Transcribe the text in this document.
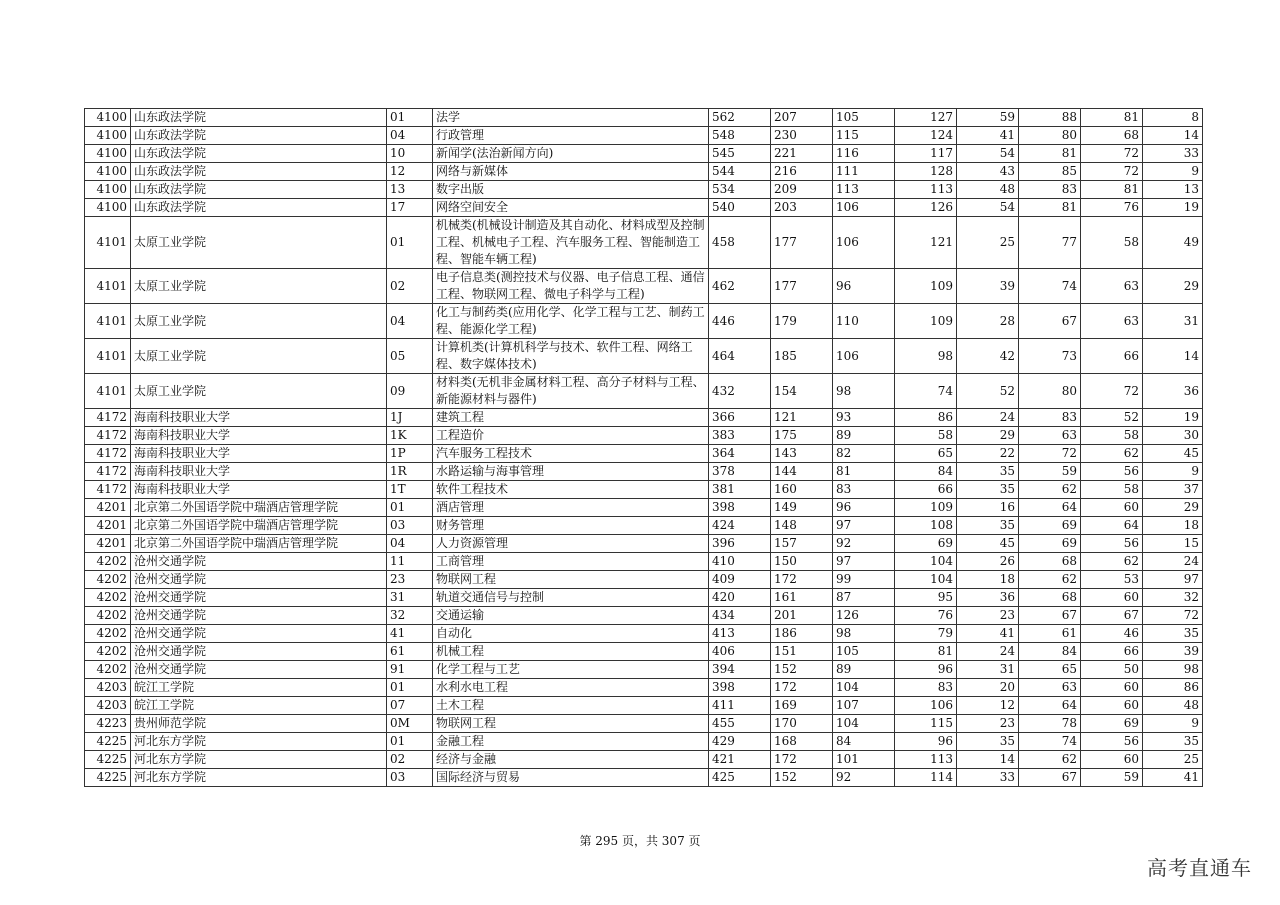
4100	山东政法学院	01	法学	562	207	105	127	59	88	81	8
4100	山东政法学院	04	行政管理	548	230	115	124	41	80	68	14
4100	山东政法学院	10	新闻学(法治新闻方向)	545	221	116	117	54	81	72	33
4100	山东政法学院	12	网络与新媒体	544	216	111	128	43	85	72	9
4100	山东政法学院	13	数字出版	534	209	113	113	48	83	81	13
4100	山东政法学院	17	网络空间安全	540	203	106	126	54	81	76	19
4101	太原工业学院	01	机械类(机械设计制造及其自动化、材料成型及控制工程、机械电子工程、汽车服务工程、智能制造工程、智能车辆工程)	458	177	106	121	25	77	58	49
4101	太原工业学院	02	电子信息类(测控技术与仪器、电子信息工程、通信工程、物联网工程、微电子科学与工程)	462	177	96	109	39	74	63	29
4101	太原工业学院	04	化工与制药类(应用化学、化学工程与工艺、制药工程、能源化学工程)	446	179	110	109	28	67	63	31
4101	太原工业学院	05	计算机类(计算机科学与技术、软件工程、网络工程、数字媒体技术)	464	185	106	98	42	73	66	14
4101	太原工业学院	09	材料类(无机非金属材料工程、高分子材料与工程、新能源材料与器件)	432	154	98	74	52	80	72	36
4172	海南科技职业大学	1J	建筑工程	366	121	93	86	24	83	52	19
4172	海南科技职业大学	1K	工程造价	383	175	89	58	29	63	58	30
4172	海南科技职业大学	1P	汽车服务工程技术	364	143	82	65	22	72	62	45
4172	海南科技职业大学	1R	水路运输与海事管理	378	144	81	84	35	59	56	9
4172	海南科技职业大学	1T	软件工程技术	381	160	83	66	35	62	58	37
4201	北京第二外国语学院中瑞酒店管理学院	01	酒店管理	398	149	96	109	16	64	60	29
4201	北京第二外国语学院中瑞酒店管理学院	03	财务管理	424	148	97	108	35	69	64	18
4201	北京第二外国语学院中瑞酒店管理学院	04	人力资源管理	396	157	92	69	45	69	56	15
4202	沧州交通学院	11	工商管理	410	150	97	104	26	68	62	24
4202	沧州交通学院	23	物联网工程	409	172	99	104	18	62	53	97
4202	沧州交通学院	31	轨道交通信号与控制	420	161	87	95	36	68	60	32
4202	沧州交通学院	32	交通运输	434	201	126	76	23	67	67	72
4202	沧州交通学院	41	自动化	413	186	98	79	41	61	46	35
4202	沧州交通学院	61	机械工程	406	151	105	81	24	84	66	39
4202	沧州交通学院	91	化学工程与工艺	394	152	89	96	31	65	50	98
4203	皖江工学院	01	水利水电工程	398	172	104	83	20	63	60	86
4203	皖江工学院	07	土木工程	411	169	107	106	12	64	60	48
4223	贵州师范学院	0M	物联网工程	455	170	104	115	23	78	69	9
4225	河北东方学院	01	金融工程	429	168	84	96	35	74	56	35
4225	河北东方学院	02	经济与金融	421	172	101	113	14	62	60	25
4225	河北东方学院	03	国际经济与贸易	425	152	92	114	33	67	59	41
第 295 页，共 307 页
高考直通车
